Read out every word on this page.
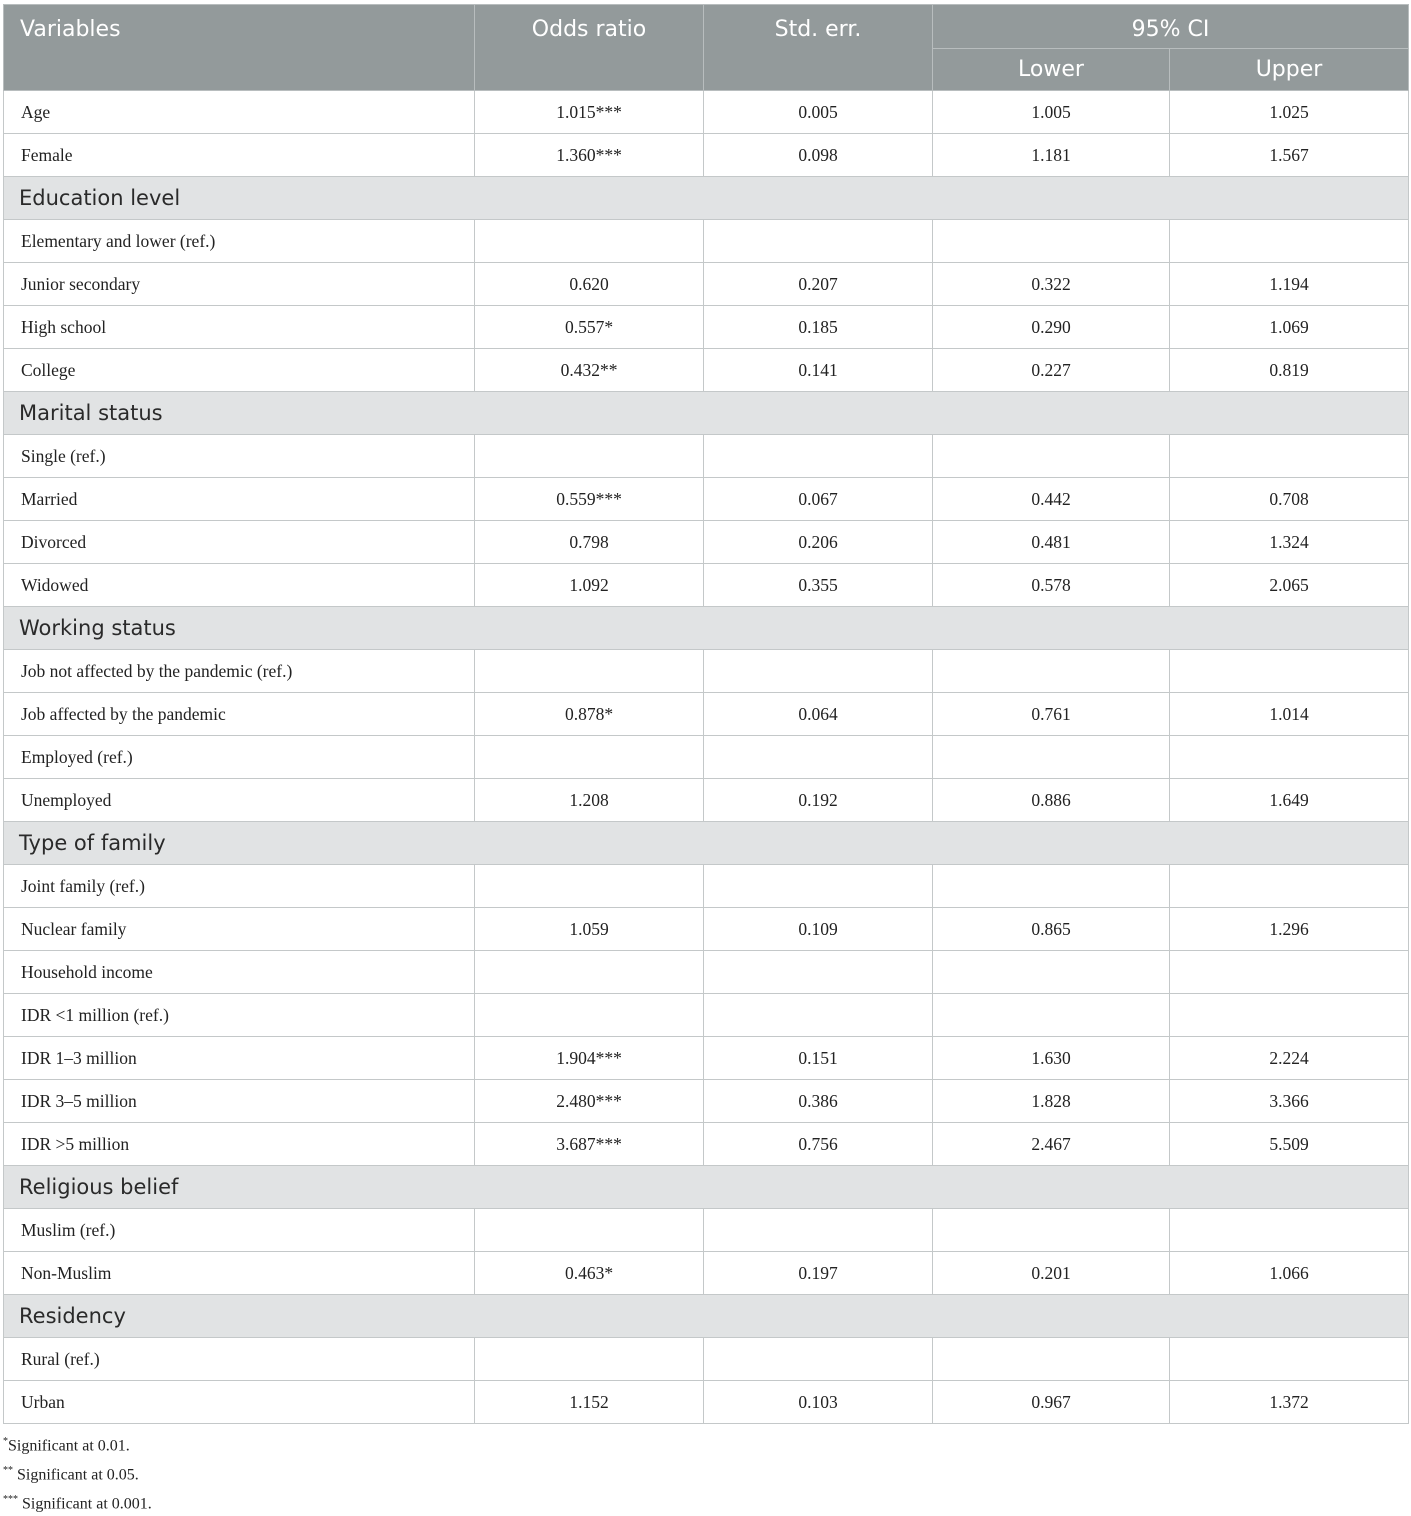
Variables	Odds ratio	Std. err.	95% CI	
			Lower	Upper
Age	1.015***	0.005	1.005	1.025
Female	1.360***	0.098	1.181	1.567
Education level				
Elementary and lower (ref.)				
Junior secondary	0.620	0.207	0.322	1.194
High school	0.557*	0.185	0.290	1.069
College	0.432**	0.141	0.227	0.819
Marital status				
Single (ref.)				
Married	0.559***	0.067	0.442	0.708
Divorced	0.798	0.206	0.481	1.324
Widowed	1.092	0.355	0.578	2.065
Working status				
Job not affected by the pandemic (ref.)				
Job affected by the pandemic	0.878*	0.064	0.761	1.014
Employed (ref.)				
Unemployed	1.208	0.192	0.886	1.649
Type of family				
Joint family (ref.)				
Nuclear family	1.059	0.109	0.865	1.296
Household income				
IDR <1 million (ref.)				
IDR 1–3 million	1.904***	0.151	1.630	2.224
IDR 3–5 million	2.480***	0.386	1.828	3.366
IDR >5 million	3.687***	0.756	2.467	5.509
Religious belief				
Muslim (ref.)				
Non-Muslim	0.463*	0.197	0.201	1.066
Residency				
Rural (ref.)				
Urban	1.152	0.103	0.967	1.372
*Significant at 0.01.
** Significant at 0.05.
*** Significant at 0.001.
